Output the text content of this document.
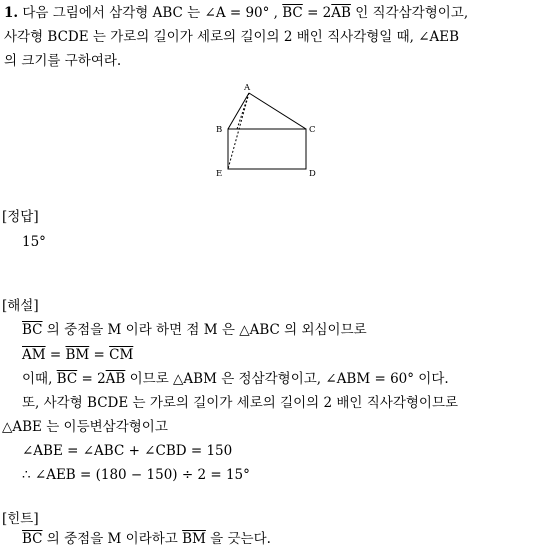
1. 다음 그림에서 삼각형 ABC 는 ∠A = 90° , $\overline{BC} = 2\overline{AB}$ 인 직각삼각형이고,
사각형 BCDE 는 가로의 길이가 세로의 길이의 2 배인 직사각형일 때, ∠AEB
의 크기를 구하여라.
A
B	C
D
E
[정답]
15°
[해설]
$\overline{BC}$ 의 중점을 M 이라 하면 점 M 은 △ABC 의 외심이므로
$\overline{AM} = \overline{BM} = \overline{CM}$
이때, $\overline{BC} = 2\overline{AB}$ 이므로 △ABM 은 정삼각형이고, ∠ABM = 60° 이다.
또, 사각형 BCDE 는 가로의 길이가 세로의 길이의 2 배인 직사각형이므로
△ABE 는 이등변삼각형이고
∠ABE = ∠ABC + ∠CBD = 150
∴ ∠AEB = (180 − 150) ÷ 2 = 15°
[힌트]
$\overline{BC}$ 의 중점을 M 이라하고 $\overline{BM}$ 을 긋는다.
